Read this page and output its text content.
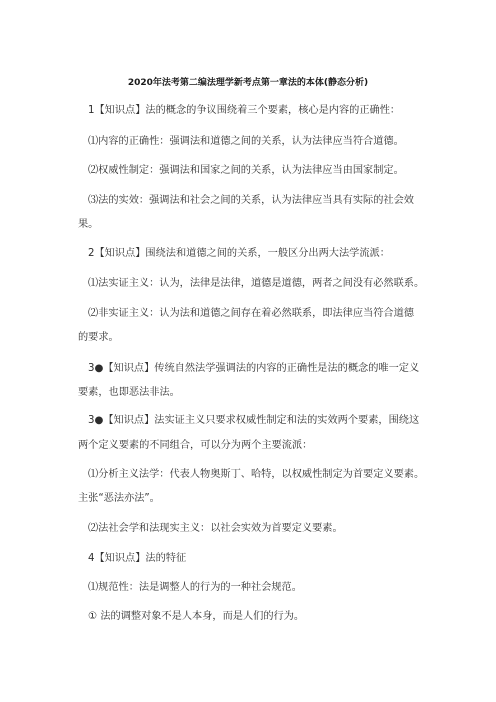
2020年法考第二编法理学新考点第一章法的本体(静态分析)
1【知识点】法的概念的争议围绕着三个要素，核心是内容的正确性：
⑴内容的正确性：强调法和道德之间的关系，认为法律应当符合道德。
⑵权威性制定：强调法和国家之间的关系，认为法律应当由国家制定。
⑶法的实效：强调法和社会之间的关系，认为法律应当具有实际的社会效
果。
2【知识点】围绕法和道德之间的关系，一般区分出两大法学流派：
⑴法实证主义：认为，法律是法律，道德是道德，两者之间没有必然联系。
⑵非实证主义：认为法和道德之间存在着必然联系，即法律应当符合道德
的要求。
3●【知识点】传统自然法学强调法的内容的正确性是法的概念的唯一定义
要素，也即恶法非法。
3●【知识点】法实证主义只要求权威性制定和法的实效两个要素，围绕这
两个定义要素的不同组合，可以分为两个主要流派：
⑴分析主义法学：代表人物奥斯丁、哈特，以权威性制定为首要定义要素。
主张“恶法亦法”。
⑵法社会学和法现实主义：以社会实效为首要定义要素。
4【知识点】法的特征
⑴规范性：法是调整人的行为的一种社会规范。
① 法的调整对象不是人本身，而是人们的行为。
